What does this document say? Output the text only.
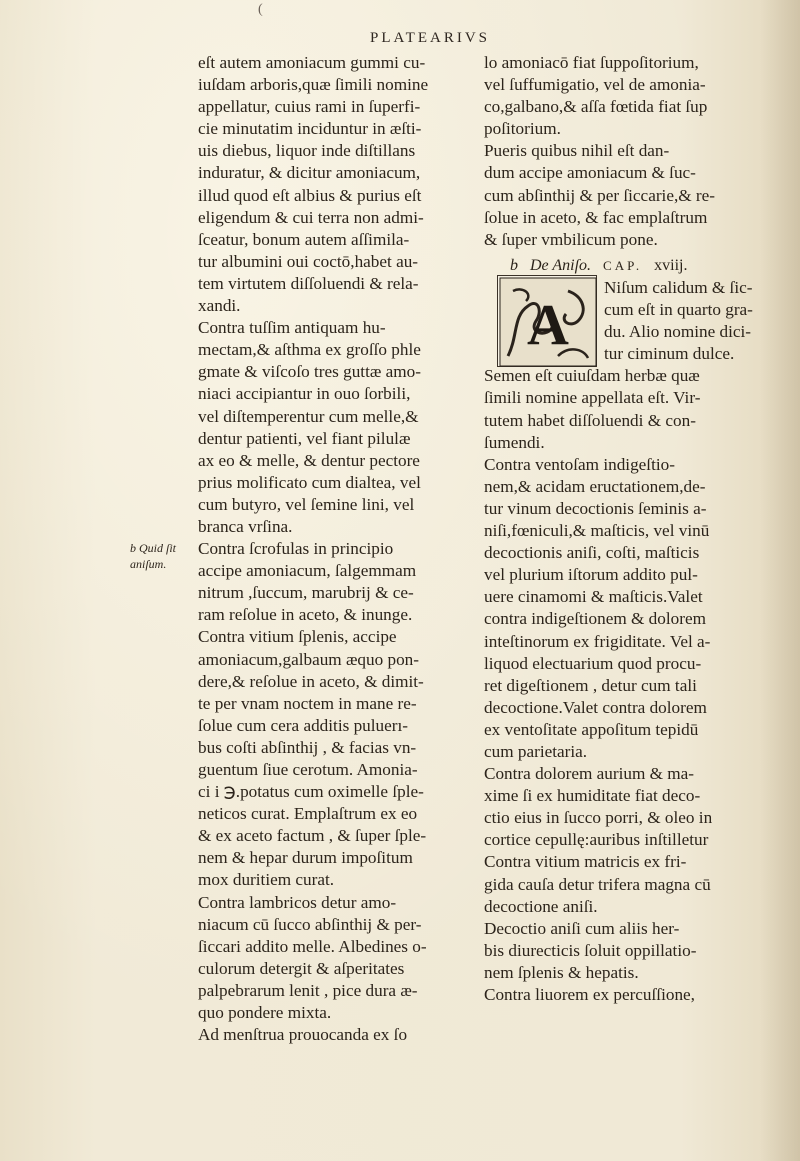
(
PLATEARIVS
eſt autem amoniacum gummi cu-
iuſdam arboris,quæ ſimili nomine
appellatur, cuius rami in ſuperfi-
cie minutatim inciduntur in æſti-
uis diebus, liquor inde diſtillans
induratur, & dicitur amoniacum,
illud quod eſt albius & purius eſt
eligendum & cui terra non admi-
ſceatur, bonum autem aſſimila-
tur albumini oui coctō,habet au-
tem virtutem diſſoluendi & rela-
xandi.
Contra tuſſim antiquam hu-
mectam,& aſthma ex groſſo phle
gmate & viſcoſo tres guttæ amo-
niaci accipiantur in ouo ſorbili,
vel diſtemperentur cum melle,&
dentur patienti, vel fiant pilulæ
ax eo & melle, & dentur pectore
prius molificato cum dialtea, vel
cum butyro, vel ſemine lini, vel
branca vrſina.
Contra ſcrofulas in principio
accipe amoniacum, ſalgemmam
nitrum ,ſuccum, marubrij & ce-
ram reſolue in aceto, & inunge.
Contra vitium ſplenis, accipe
amoniacum,galbaum æquo pon-
dere,& reſolue in aceto, & dimit-
te per vnam noctem in mane re-
ſolue cum cera additis puluerı-
bus coſti abſinthij , & facias vn-
guentum ſiue cerotum. Amonia-
ci i ℈.potatus cum oximelle ſple-
neticos curat. Emplaſtrum ex eo
& ex aceto factum , & ſuper ſple-
nem & hepar durum impoſitum
mox duritiem curat.
Contra lambricos detur amo-
niacum cū ſucco abſinthij & per-
ſiccari addito melle. Albedines o-
culorum detergit & aſperitates
palpebrarum lenit , pice dura æ-
quo pondere mixta.
Ad menſtrua prouocanda ex ſo
b Quid ſit
aniſum.
lo amoniacō fiat ſuppoſitorium,
vel ſuffumigatio, vel de amonia-
co,galbano,& aſſa fœtida fiat ſup
poſitorium.
Pueris quibus nihil eſt dan-
dum accipe amoniacum & ſuc-
cum abſinthij & per ſiccarie,& re-
ſolue in aceto, & fac emplaſtrum
& ſuper vmbilicum pone.
b De Aniſo. CAP. xviij.
A
Niſum calidum & ſic-
cum eſt in quarto gra-
du. Alio nomine dici-
tur ciminum dulce.
Semen eſt cuiuſdam herbæ quæ
ſimili nomine appellata eſt. Vir-
tutem habet diſſoluendi & con-
ſumendi.
Contra ventoſam indigeſtio-
nem,& acidam eructationem,de-
tur vinum decoctionis ſeminis a-
niſi,fœniculi,& maſticis, vel vinū
decoctionis aniſi, coſti, maſticis
vel plurium iſtorum addito pul-
uere cinamomi & maſticis.Valet
contra indigeſtionem & dolorem
inteſtinorum ex frigiditate. Vel a-
liquod electuarium quod procu-
ret digeſtionem , detur cum tali
decoctione.Valet contra dolorem
ex ventoſitate appoſitum tepidū
cum parietaria.
Contra dolorem aurium & ma-
xime ſi ex humiditate fiat deco-
ctio eius in ſucco porri, & oleo in
cortice cepullę:auribus inſtilletur
Contra vitium matricis ex fri-
gida cauſa detur trifera magna cū
decoctione aniſi.
Decoctio aniſi cum aliis her-
bis diurecticis ſoluit oppillatio-
nem ſplenis & hepatis.
Contra liuorem ex percuſſione,
